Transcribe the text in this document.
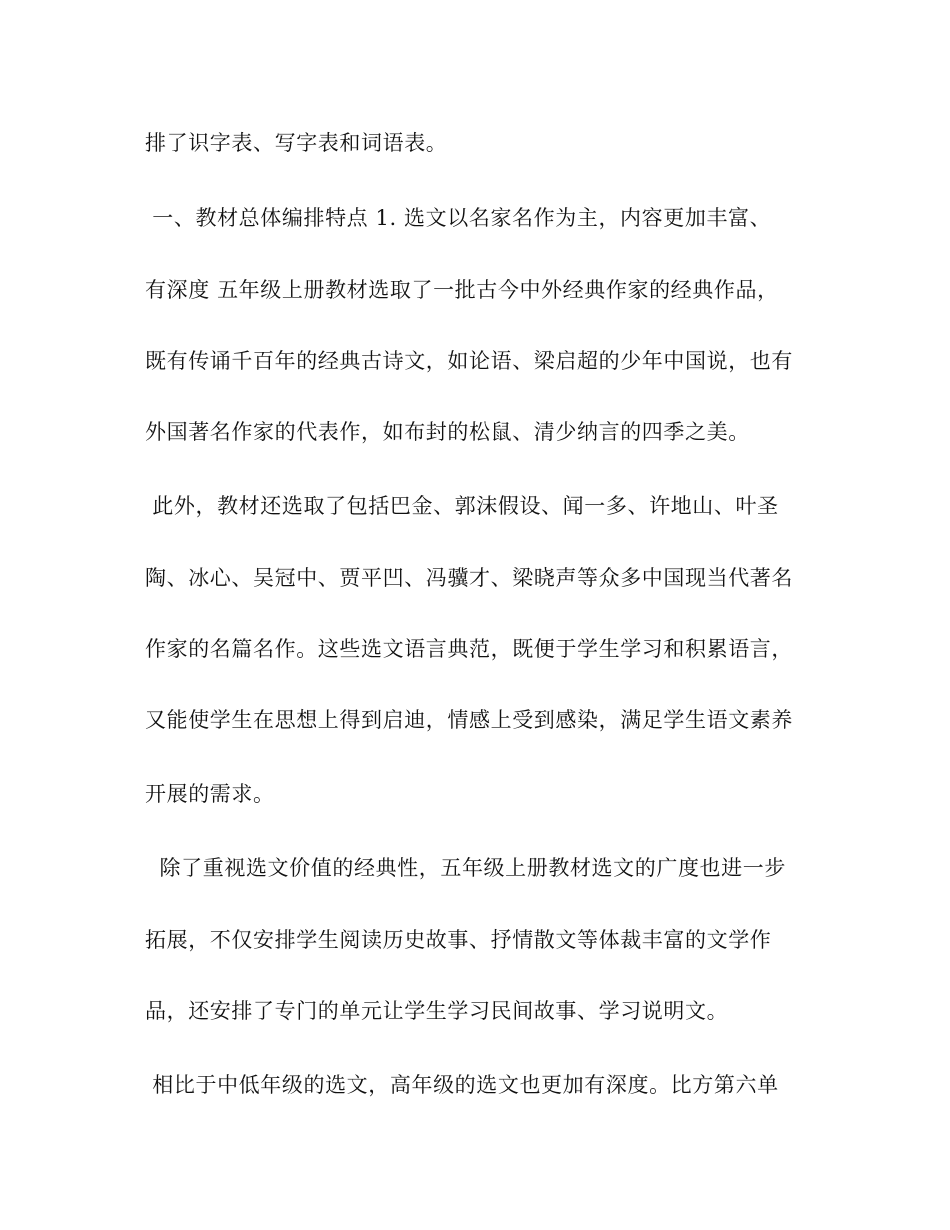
排了识字表、写字表和词语表。
一、教材总体编排特点 1. 选文以名家名作为主，内容更加丰富、
有深度 五年级上册教材选取了一批古今中外经典作家的经典作品，
既有传诵千百年的经典古诗文，如论语、梁启超的少年中国说，也有
外国著名作家的代表作，如布封的松鼠、清少纳言的四季之美。
此外，教材还选取了包括巴金、郭沫假设、闻一多、许地山、叶圣
陶、冰心、吴冠中、贾平凹、冯骥才、梁晓声等众多中国现当代著名
作家的名篇名作。这些选文语言典范，既便于学生学习和积累语言，
又能使学生在思想上得到启迪，情感上受到感染，满足学生语文素养
开展的需求。
除了重视选文价值的经典性，五年级上册教材选文的广度也进一步
拓展，不仅安排学生阅读历史故事、抒情散文等体裁丰富的文学作
品，还安排了专门的单元让学生学习民间故事、学习说明文。
相比于中低年级的选文，高年级的选文也更加有深度。比方第六单
